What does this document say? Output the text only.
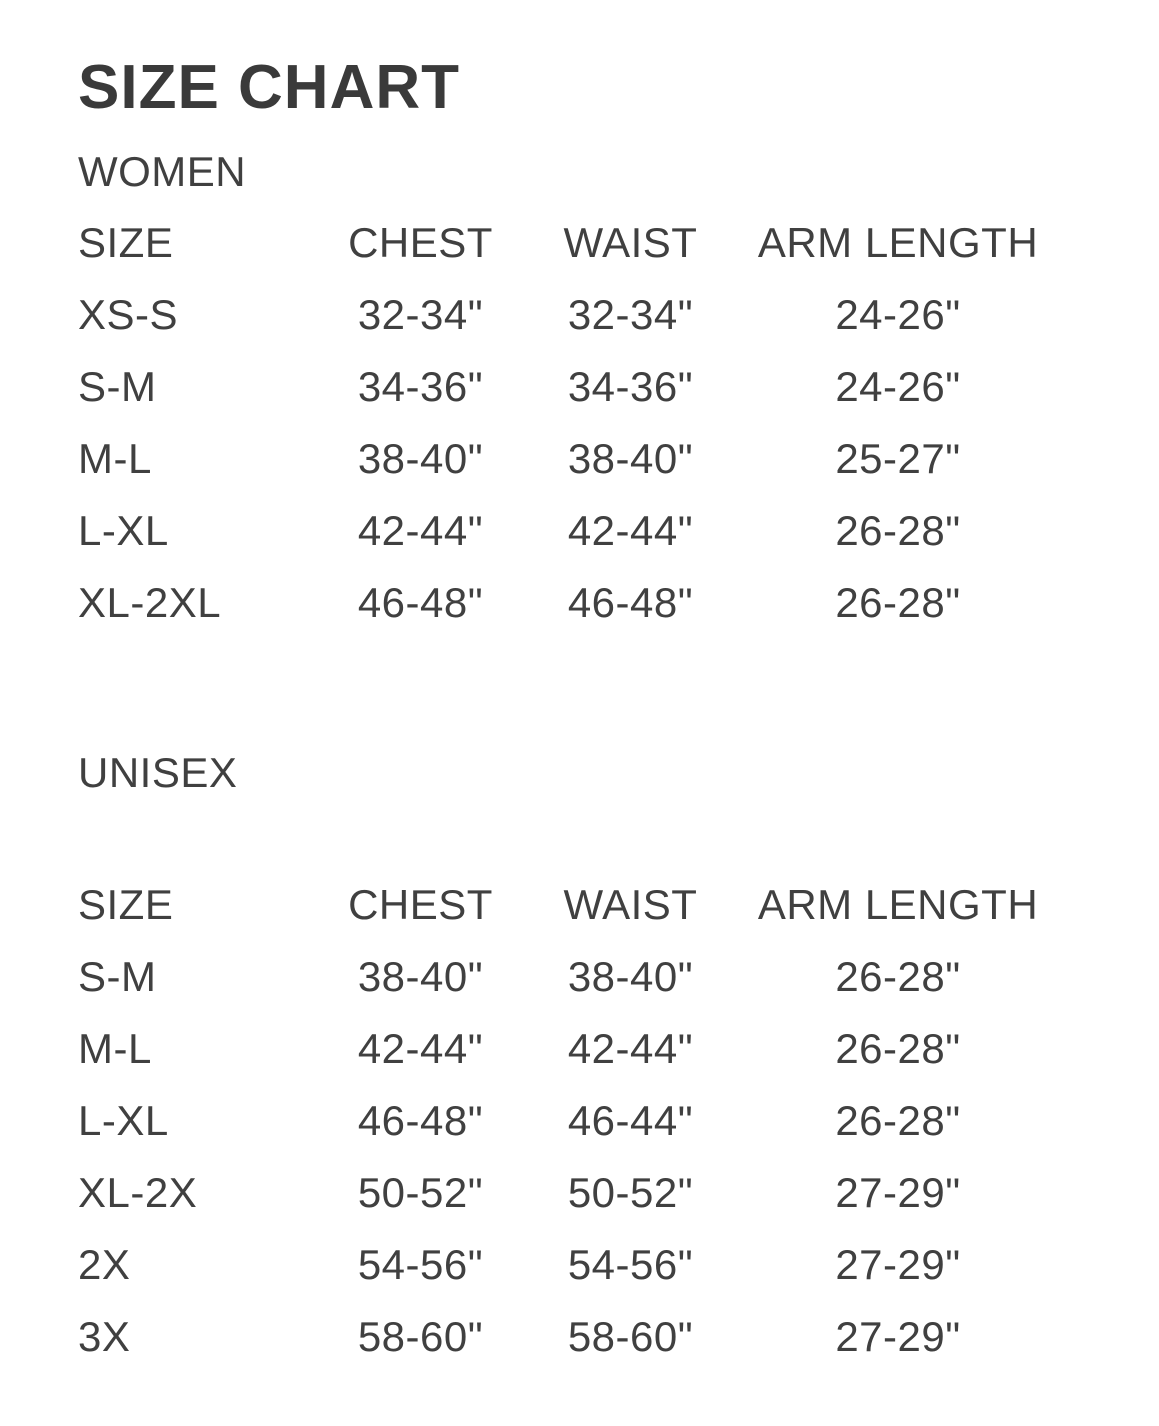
SIZE CHART
WOMEN
SIZE	CHEST	WAIST	ARM LENGTH
XS-S	32-34"	32-34"	24-26"
S-M	34-36"	34-36"	24-26"
M-L	38-40"	38-40"	25-27"
L-XL	42-44"	42-44"	26-28"
XL-2XL	46-48"	46-48"	26-28"
UNISEX
SIZE	CHEST	WAIST	ARM LENGTH
S-M	38-40"	38-40"	26-28"
M-L	42-44"	42-44"	26-28"
L-XL	46-48"	46-44"	26-28"
XL-2X	50-52"	50-52"	27-29"
2X	54-56"	54-56"	27-29"
3X	58-60"	58-60"	27-29"
